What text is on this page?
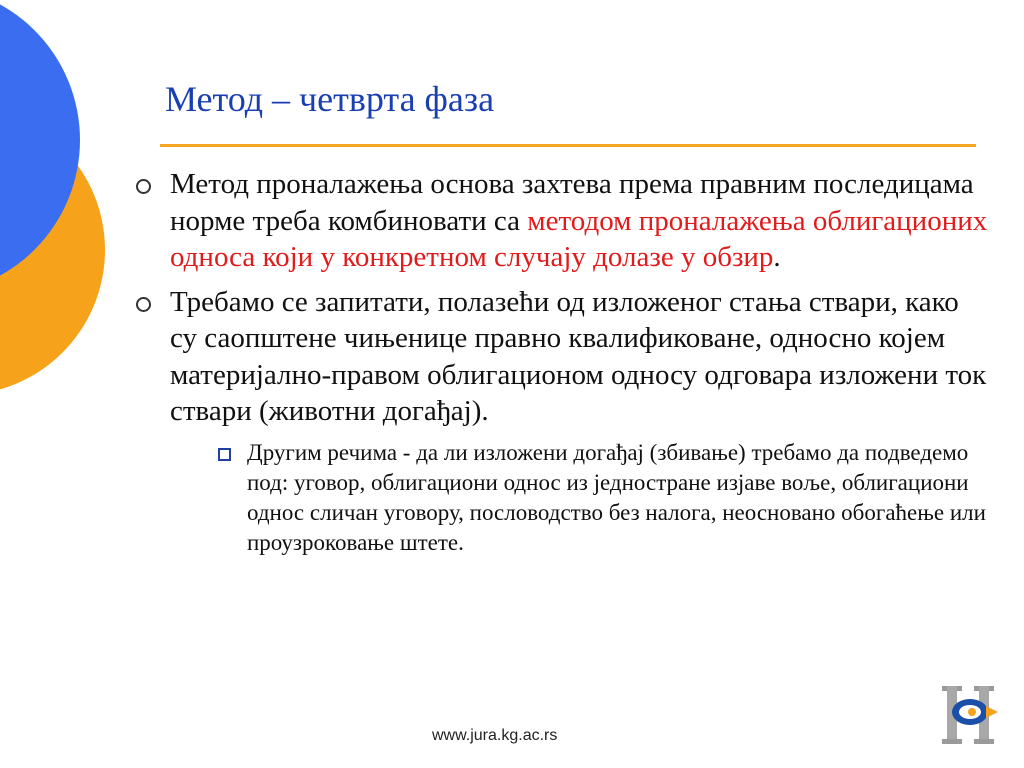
Метод – четврта фаза
Метод проналажења основа захтева према правним последицама норме треба комбиновати са методом проналажења облигационих односа који у конкретном случају долазе у обзир.
Требамо се запитати, полазећи од изложеног стања ствари, како су саопштене чињенице правно квалификоване, односно којем материјално-правом облигационом односу одговара изложени ток ствари (животни догађај).
Другим речима - да ли изложени догађај (збивање) требамо да подведемо под: уговор, облигациони однос из једностране изјаве воље, облигациони однос сличан уговору, пословодство без налога, неосновано обогаћење или проузроковање штете.
www.jura.kg.ac.rs
